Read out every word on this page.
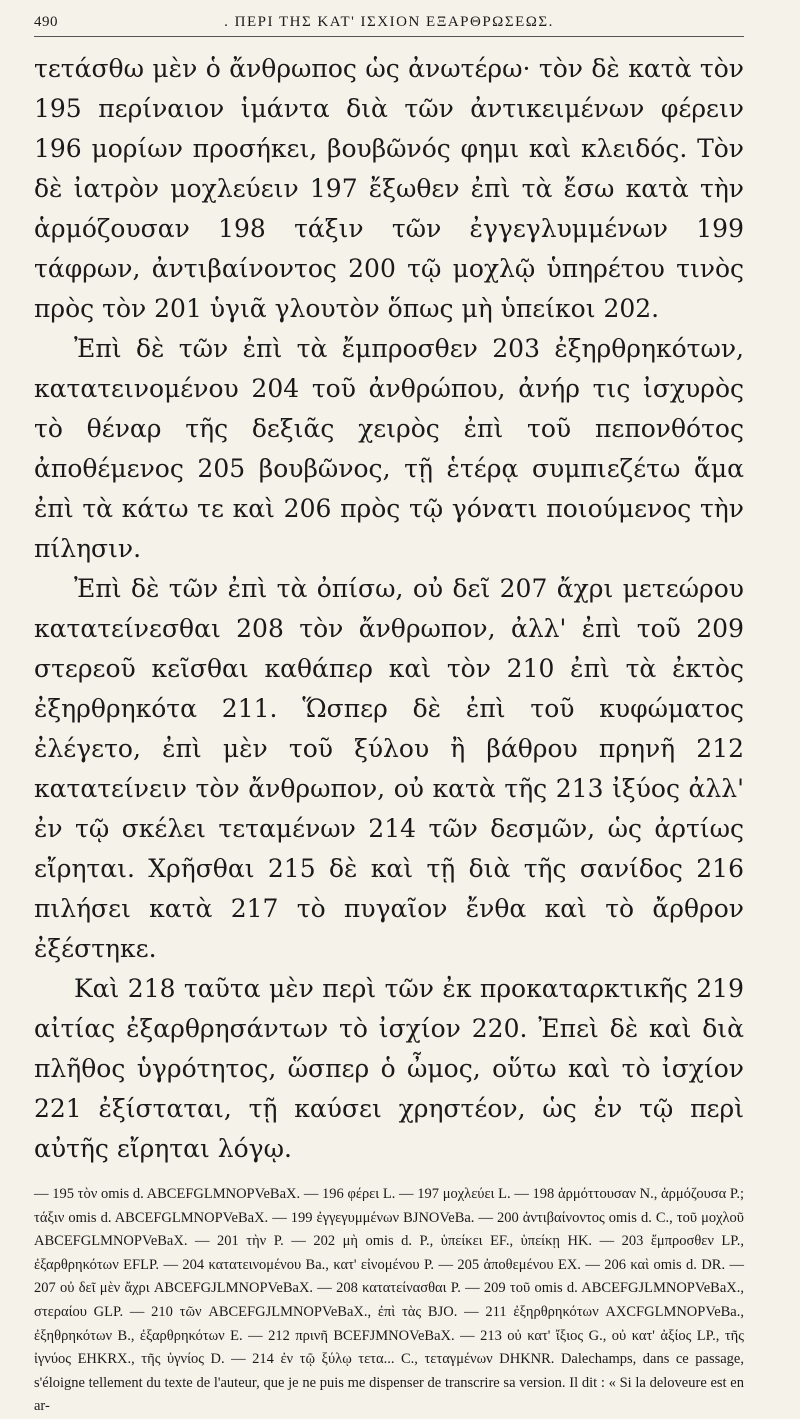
490	. ΠΕΡΙ ΤΗΣ ΚΑΤ' ΙΣΧΙΟΝ ΕΞΑΡΘΡΩΣΕΩΣ.

τετάσθω μὲν ὁ ἄνθρωπος ὡς ἀνωτέρω· τὸν δὲ κατὰ τὸν 195 περίναιον ἱμάντα διὰ τῶν ἀντικειμένων φέρειν 196 μορίων προσήκει, βουβῶνός φημι καὶ κλειδός. Τὸν δὲ ἰατρὸν μοχλεύειν 197 ἔξωθεν ἐπὶ τὰ ἔσω κατὰ τὴν ἁρμόζουσαν 198 τάξιν τῶν ἐγγεγλυμμένων 199 τάφρων, ἀντιβαίνοντος 200 τῷ μοχλῷ ὑπηρέτου τινὸς πρὸς τὸν 201 ὑγιᾶ γλουτὸν ὅπως μὴ ὑπείκοι 202.

Ἐπὶ δὲ τῶν ἐπὶ τὰ ἔμπροσθεν 203 ἐξηρθρηκότων, κατατεινομένου 204 τοῦ ἀνθρώπου, ἀνήρ τις ἰσχυρὸς τὸ θέναρ τῆς δεξιᾶς χειρὸς ἐπὶ τοῦ πεπονθότος ἀποθέμενος 205 βουβῶνος, τῇ ἑτέρᾳ συμπιεζέτω ἅμα ἐπὶ τὰ κάτω τε καὶ 206 πρὸς τῷ γόνατι ποιούμενος τὴν πίλησιν.

Ἐπὶ δὲ τῶν ἐπὶ τὰ ὀπίσω, οὐ δεῖ 207 ἄχρι μετεώρου κατατείνεσθαι 208 τὸν ἄνθρωπον, ἀλλ' ἐπὶ τοῦ 209 στερεοῦ κεῖσθαι καθάπερ καὶ τὸν 210 ἐπὶ τὰ ἐκτὸς ἐξηρθρηκότα 211. Ὥσπερ δὲ ἐπὶ τοῦ κυφώματος ἐλέγετο, ἐπὶ μὲν τοῦ ξύλου ἢ βάθρου πρηνῆ 212 κατατείνειν τὸν ἄνθρωπον, οὐ κατὰ τῆς 213 ἰξύος ἀλλ' ἐν τῷ σκέλει τεταμένων 214 τῶν δεσμῶν, ὡς ἀρτίως εἴρηται. Χρῆσθαι 215 δὲ καὶ τῇ διὰ τῆς σανίδος 216 πιλήσει κατὰ 217 τὸ πυγαῖον ἔνθα καὶ τὸ ἄρθρον ἐξέστηκε.

Καὶ 218 ταῦτα μὲν περὶ τῶν ἐκ προκαταρκτικῆς 219 αἰτίας ἐξαρθρησάντων τὸ ἰσχίον 220. Ἐπεὶ δὲ καὶ διὰ πλῆθος ὑγρότητος, ὥσπερ ὁ ὦμος, οὕτω καὶ τὸ ἰσχίον 221 ἐξίσταται, τῇ καύσει χρηστέον, ὡς ἐν τῷ περὶ αὐτῆς εἴρηται λόγῳ.

— 195 τὸν omis d. ABCEFGLMNOPVeBaX. — 196 φέρει L. — 197 μοχλεύει L. — 198 ἁρμόττουσαν N., ἁρμόζουσα P.; τάξιν omis d. ABCEFGLMNOPVeBaX. — 199 ἐγγεγυμμένων BJNOVeBa. — 200 ἀντιβαίνοντος omis d. C., τοῦ μοχλοῦ ABCEFGLMNOPVeBaX. — 201 τὴν P. — 202 μὴ omis d. P., ὑπείκει EF., ὑπείκῃ HK. — 203 ἔμπροσθεν LP., ἐξαρθρηκότων EFLP. — 204 κατατεινομένου Ba., κατ' εἰνομένου P. — 205 ἀποθεμένου EX. — 206 καὶ omis d. DR. — 207 οὐ δεῖ μὲν ἄχρι ABCEFGJLMNOPVeBaX. — 208 κατατείνασθαι P. — 209 τοῦ omis d. ABCEFGJLMNOPVeBaX., στεραίου GLP. — 210 τῶν ABCEFGJLMNOPVeBaX., ἐπὶ τὰς BJO. — 211 ἐξηρθρηκότων AXCFGLMNOPVeBa., ἐξηθρηκότων B., ἐξαρθρηκότων E. — 212 πρινῆ BCEFJMNOVeBaX. — 213 οὐ κατ' ἴξιος G., οὐ κατ' ἀξίος LP., τῆς ἰγνύος EHKRX., τῆς ὑγνίος D. — 214 ἐν τῷ ξύλῳ τετα... C., τεταγμένων DHKNR. Dalechamps, dans ce passage, s'éloigne tellement du texte de l'auteur, que je ne puis me dispenser de transcrire sa version. Il dit : « Si la deloveure est en ar-
